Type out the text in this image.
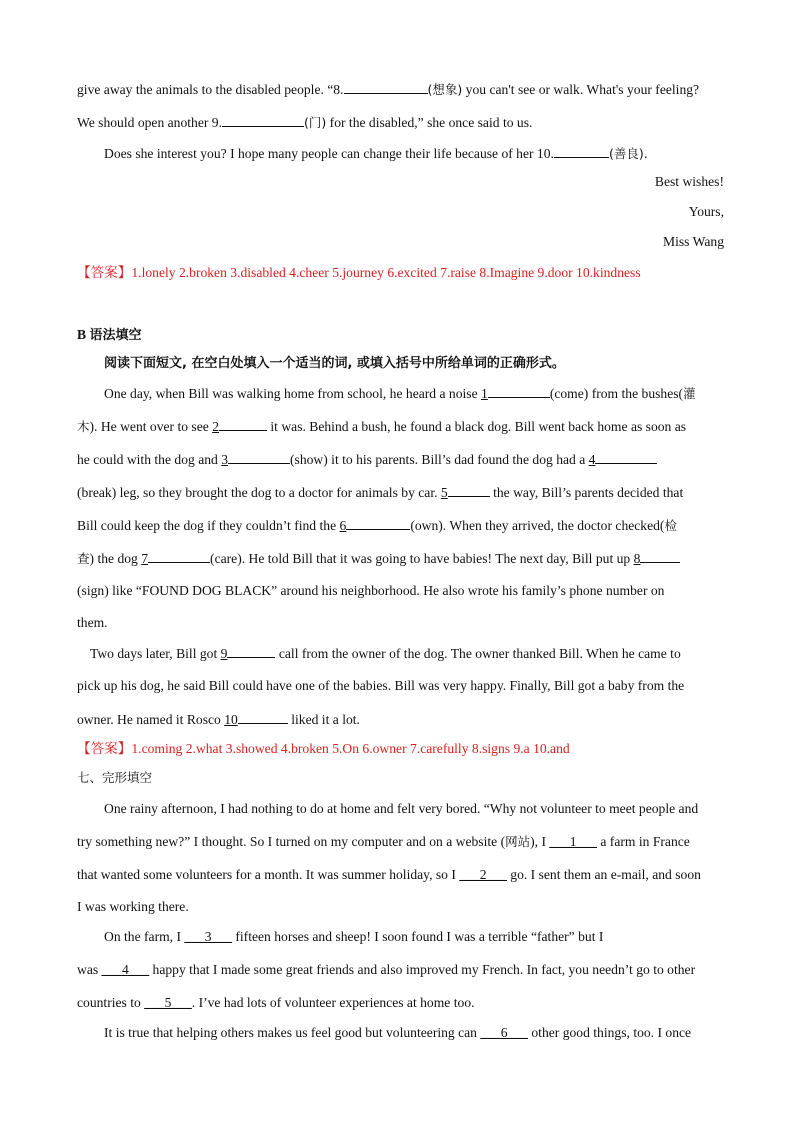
give away the animals to the disabled people. “8.	(想象) you can't see or walk. What's your feeling?
We should open another 9.	(门) for the disabled,” she once said to us.
Does she interest you? I hope many people can change their life because of her 10.	(善良).
Best wishes!
Yours,
Miss Wang
【答案】1.lonely 2.broken 3.disabled 4.cheer 5.journey 6.excited 7.raise 8.Imagine 9.door 10.kindness
B 语法填空
阅读下面短文, 在空白处填入一个适当的词, 或填入括号中所给单词的正确形式。
One day, when Bill was walking home from school, he heard a noise 1	(come) from the bushes(灌
木). He went over to see 2	it was. Behind a bush, he found a black dog. Bill went back home as soon as
he could with the dog and 3	(show) it to his parents. Bill’s dad found the dog had a 4
(break) leg, so they brought the dog to a doctor for animals by car. 5	the way, Bill’s parents decided that
Bill could keep the dog if they couldn’t find the 6	(own). When they arrived, the doctor checked(检
查) the dog 7	(care). He told Bill that it was going to have babies! The next day, Bill put up 8
(sign) like “FOUND DOG BLACK” around his neighborhood. He also wrote his family’s phone number on
them.
Two days later, Bill got 9	call from the owner of the dog. The owner thanked Bill. When he came to
pick up his dog, he said Bill could have one of the babies. Bill was very happy. Finally, Bill got a baby from the
owner. He named it Rosco 10	liked it a lot.
【答案】1.coming 2.what 3.showed 4.broken 5.On 6.owner 7.carefully 8.signs 9.a 10.and
七、完形填空
One rainy afternoon, I had nothing to do at home and felt very bored. “Why not volunteer to meet people and
try something new?” I thought. So I turned on my computer and on a website (网站), I ___1___ a farm in France
that wanted some volunteers for a month. It was summer holiday, so I ___2___ go. I sent them an e-mail, and soon
I was working there.
On the farm, I ___3___ fifteen horses and sheep! I soon found I was a terrible “father” but I
was ___4___ happy that I made some great friends and also improved my French. In fact, you needn’t go to other
countries to ___5___. I’ve had lots of volunteer experiences at home too.
It is true that helping others makes us feel good but volunteering can ___6___ other good things, too. I once
